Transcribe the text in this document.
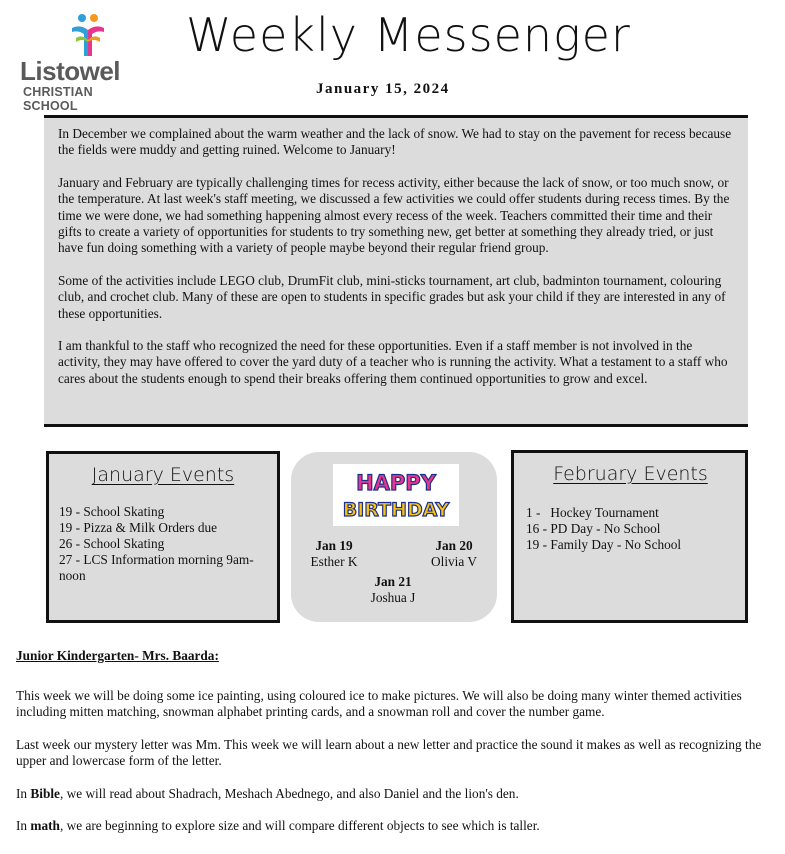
Listowel
CHRISTIAN SCHOOL
Weekly Messenger
January 15, 2024

In December we complained about the warm weather and the lack of snow. We had to stay on the pavement for recess because the fields were muddy and getting ruined. Welcome to January!

January and February are typically challenging times for recess activity, either because the lack of snow, or too much snow, or the temperature. At last week's staff meeting, we discussed a few activities we could offer students during recess times. By the time we were done, we had something happening almost every recess of the week. Teachers committed their time and their gifts to create a variety of opportunities for students to try something new, get better at something they already tried, or just have fun doing something with a variety of people maybe beyond their regular friend group.

Some of the activities include LEGO club, DrumFit club, mini-sticks tournament, art club, badminton tournament, colouring club, and crochet club. Many of these are open to students in specific grades but ask your child if they are interested in any of these opportunities.

I am thankful to the staff who recognized the need for these opportunities. Even if a staff member is not involved in the activity, they may have offered to cover the yard duty of a teacher who is running the activity. What a testament to a staff who cares about the students enough to spend their breaks offering them continued opportunities to grow and excel.

January Events
19 - School Skating
19 - Pizza & Milk Orders due
26 - School Skating
27 - LCS Information morning 9am-noon
HAPPY
BIRTHDAY
Jan 19
Esther K
Jan 20
Olivia V
Jan 21
Joshua J
February Events
1 -   Hockey Tournament
16 - PD Day - No School
19 - Family Day - No School
Junior Kindergarten- Mrs. Baarda:

This week we will be doing some ice painting, using coloured ice to make pictures. We will also be doing many winter themed activities including mitten matching, snowman alphabet printing cards, and a snowman roll and cover the number game.

Last week our mystery letter was Mm. This week we will learn about a new letter and practice the sound it makes as well as recognizing the upper and lowercase form of the letter.

In Bible, we will read about Shadrach, Meshach Abednego, and also Daniel and the lion's den.

In math, we are beginning to explore size and will compare different objects to see which is taller.
